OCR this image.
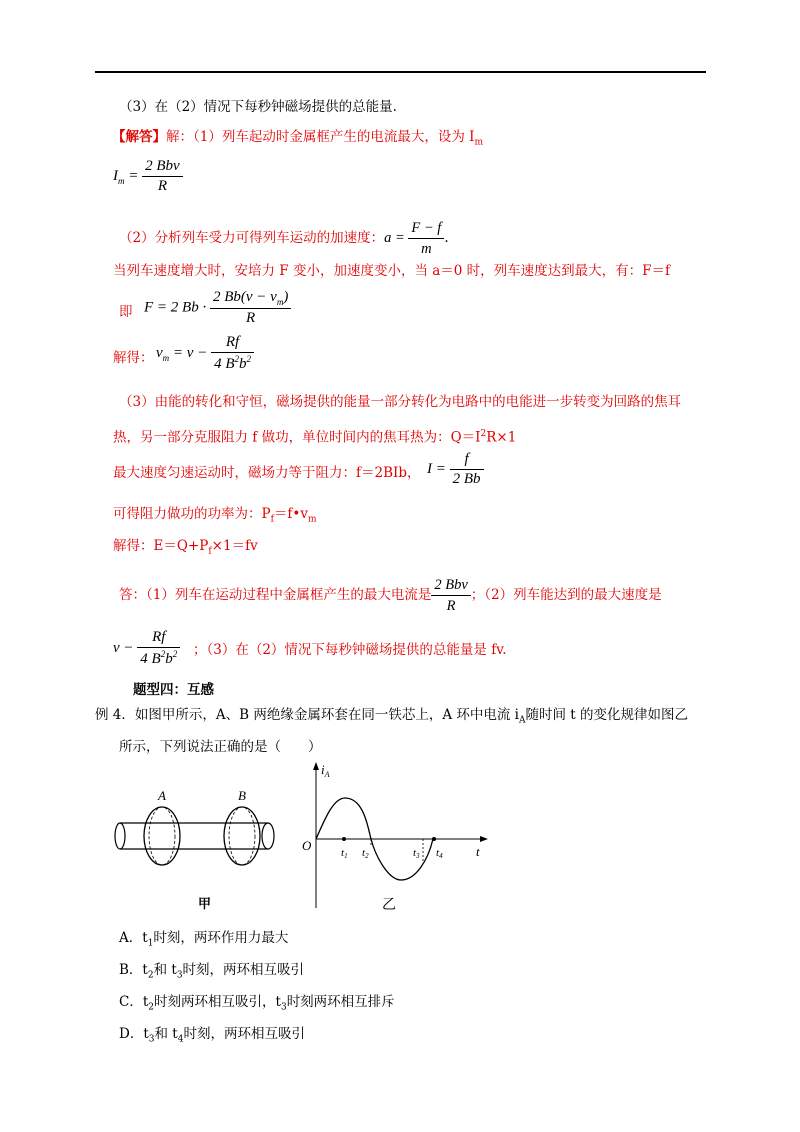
（3）在（2）情况下每秒钟磁场提供的总能量.
【解答】解：（1）列车起动时金属框产生的电流最大，设为 $I_m$
$I_m = \frac{\text{2 Bbv}}{R}$
（2）分析列车受力可得列车运动的加速度：$a = \frac{F - f}{m}$ .
当列车速度增大时，安培力 F 变小，加速度变小，当 a＝0 时，列车速度达到最大，有：F＝f
即 F = 2 $Bb \cdot \frac{2 Bb(v - v_m)}{R}$
解得： $v_m = v - \frac{Rf}{4 B^2b^2}$
（3）由能的转化和守恒，磁场提供的能量一部分转化为电路中的电能进一步转变为回路的焦耳
热，另一部分克服阻力 f 做功，单位时间内的焦耳热为：$Q=I^2R\times 1$
最大速度匀速运动时，磁场力等于阻力：f＝2BIb， $I = \frac{f}{2 Bb}$
可得阻力做功的功率为：$P_f=f•v_m$
解得：$E=Q+P_f\times 1=fv$
答：（1）列车在运动过程中金属框产生的最大电流是 $\frac{\text{2 Bbv}}{R}$ ；（2）列车能达到的最大速度是
$v - \frac{Rf}{4 B^2b^2}$ ；（3）在（2）情况下每秒钟磁场提供的总能量是 fv.
题型四：互感
例 4．如图甲所示，A、B 两绝缘金属环套在同一铁芯上，A 环中电流 $i_A$随时间 t 的变化规律如图乙
所示，下列说法正确的是（　　）
A	B
甲
$i_A$
O	t
t1 t2	t3 t4
乙
A．$t_1$时刻，两环作用力最大
B．$t_2$和 $t_3$时刻，两环相互吸引
C．$t_2$时刻两环相互吸引，$t_3$时刻两环相互排斥
D．$t_3$和 $t_4$时刻，两环相互吸引
